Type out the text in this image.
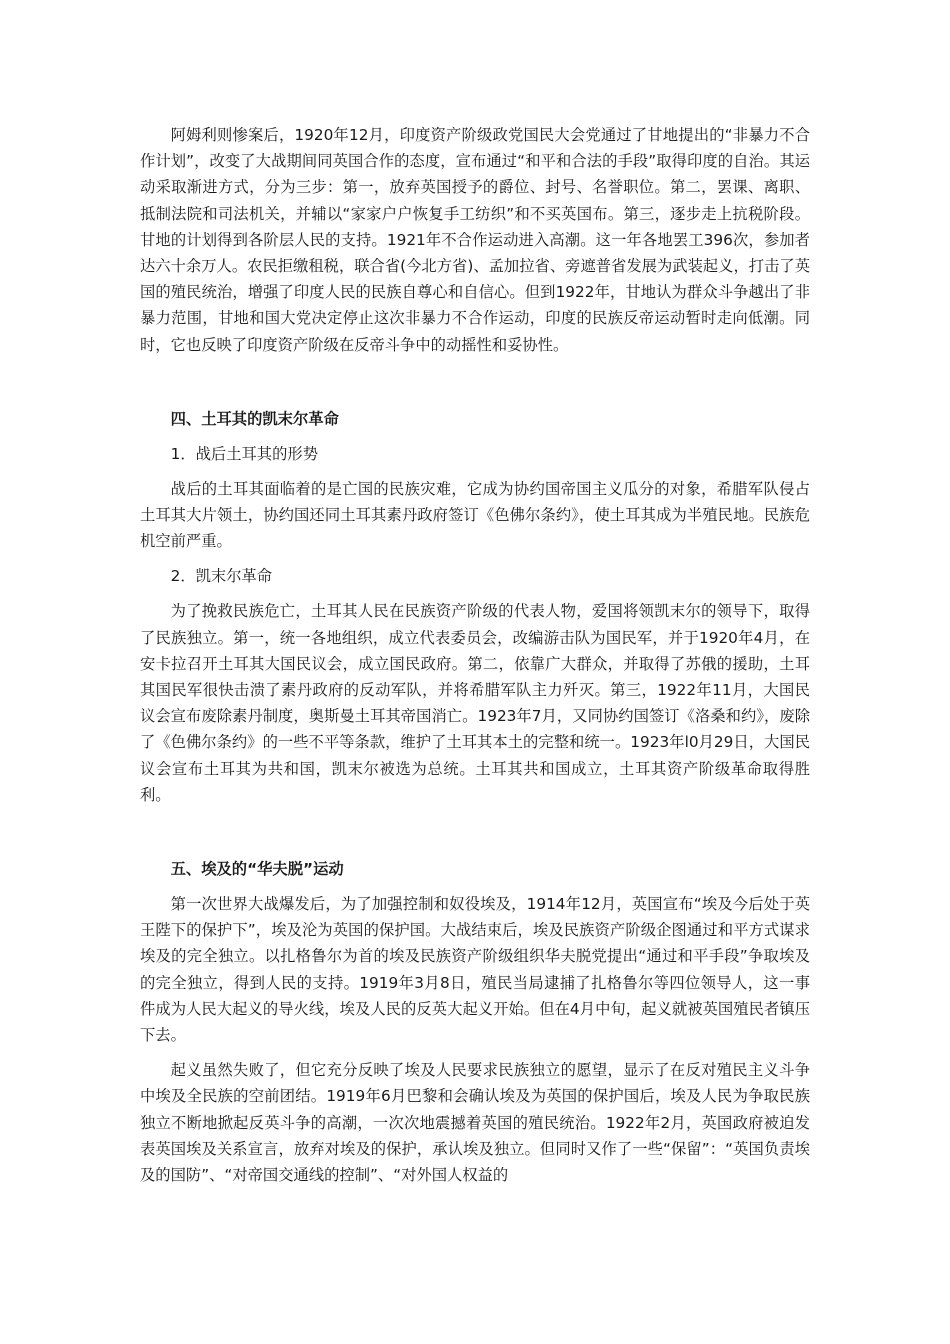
阿姆利则惨案后，1920年12月，印度资产阶级政党国民大会党通过了甘地提出的“非暴力不合作计划”，改变了大战期间同英国合作的态度，宣布通过“和平和合法的手段”取得印度的自治。其运动采取渐进方式，分为三步：第一，放弃英国授予的爵位、封号、名誉职位。第二，罢课、离职、抵制法院和司法机关，并辅以“家家户户恢复手工纺织”和不买英国布。第三，逐步走上抗税阶段。甘地的计划得到各阶层人民的支持。1921年不合作运动进入高潮。这一年各地罢工396次，参加者达六十余万人。农民拒缴租税，联合省(今北方省)、孟加拉省、旁遮普省发展为武装起义，打击了英国的殖民统治，增强了印度人民的民族自尊心和自信心。但到1922年，甘地认为群众斗争越出了非暴力范围，甘地和国大党决定停止这次非暴力不合作运动，印度的民族反帝运动暂时走向低潮。同时，它也反映了印度资产阶级在反帝斗争中的动摇性和妥协性。

四、土耳其的凯末尔革命

1．战后土耳其的形势

战后的土耳其面临着的是亡国的民族灾难，它成为协约国帝国主义瓜分的对象，希腊军队侵占土耳其大片领土，协约国还同土耳其素丹政府签订《色佛尔条约》，使土耳其成为半殖民地。民族危机空前严重。

2．凯末尔革命

为了挽救民族危亡，土耳其人民在民族资产阶级的代表人物，爱国将领凯末尔的领导下，取得了民族独立。第一，统一各地组织，成立代表委员会，改编游击队为国民军，并于1920年4月，在安卡拉召开土耳其大国民议会，成立国民政府。第二，依靠广大群众，并取得了苏俄的援助，土耳其国民军很快击溃了素丹政府的反动军队，并将希腊军队主力歼灭。第三，1922年11月，大国民议会宣布废除素丹制度，奥斯曼土耳其帝国消亡。1923年7月，又同协约国签订《洛桑和约》，废除了《色佛尔条约》的一些不平等条款，维护了土耳其本土的完整和统一。1923年l0月29日，大国民议会宣布土耳其为共和国，凯末尔被选为总统。土耳其共和国成立，土耳其资产阶级革命取得胜利。

五、埃及的“华夫脱”运动

第一次世界大战爆发后，为了加强控制和奴役埃及，1914年12月，英国宣布“埃及今后处于英王陛下的保护下”，埃及沦为英国的保护国。大战结束后，埃及民族资产阶级企图通过和平方式谋求埃及的完全独立。以扎格鲁尔为首的埃及民族资产阶级组织华夫脱党提出“通过和平手段”争取埃及的完全独立，得到人民的支持。1919年3月8日，殖民当局逮捕了扎格鲁尔等四位领导人，这一事件成为人民大起义的导火线，埃及人民的反英大起义开始。但在4月中旬，起义就被英国殖民者镇压下去。

起义虽然失败了，但它充分反映了埃及人民要求民族独立的愿望，显示了在反对殖民主义斗争中埃及全民族的空前团结。1919年6月巴黎和会确认埃及为英国的保护国后，埃及人民为争取民族独立不断地掀起反英斗争的高潮，一次次地震撼着英国的殖民统治。1922年2月，英国政府被迫发表英国埃及关系宣言，放弃对埃及的保护，承认埃及独立。但同时又作了一些“保留”：“英国负责埃及的国防”、“对帝国交通线的控制”、“对外国人权益的
